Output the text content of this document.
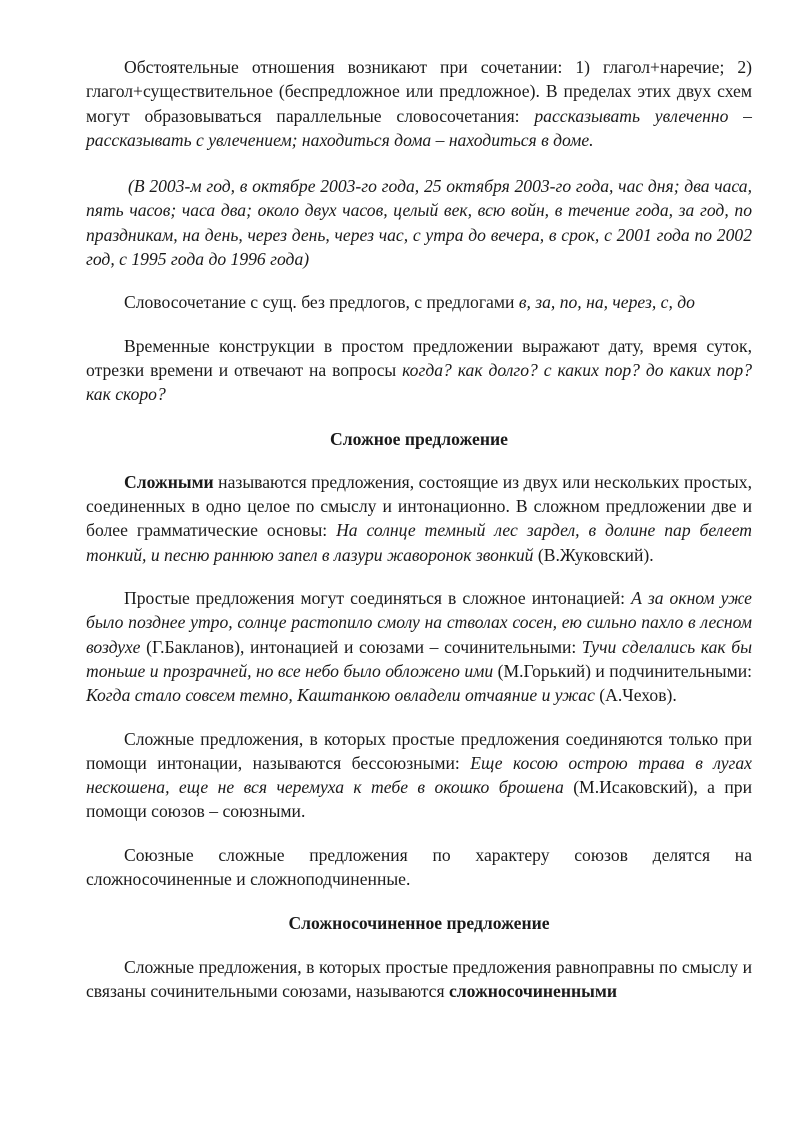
Обстоятельные отношения возникают при сочетании: 1) глагол+наречие; 2) глагол+существительное (беспредложное или предложное). В пределах этих двух схем могут образовываться параллельные словосочетания: рассказывать увлеченно – рассказывать с увлечением; находиться дома – находиться в доме.

(В 2003-м год, в октябре 2003-го года, 25 октября 2003-го года, час дня; два часа, пять часов; часа два; около двух часов, целый век, всю войн, в течение года, за год, по праздникам, на день, через день, через час, с утра до вечера, в срок, с 2001 года по 2002 год, с 1995 года до 1996 года)

Словосочетание с сущ. без предлогов, с предлогами в, за, по, на, через, с, до

Временные конструкции в простом предложении выражают дату, время суток, отрезки времени и отвечают на вопросы когда? как долго? с каких пор? до каких пор? как скоро?

Сложное предложение

Сложными называются предложения, состоящие из двух или нескольких простых, соединенных в одно целое по смыслу и интонационно. В сложном предложении две и более грамматические основы: На солнце темный лес зардел, в долине пар белеет тонкий, и песню раннюю запел в лазури жаворонок звонкий (В.Жуковский).

Простые предложения могут соединяться в сложное интонацией: А за окном уже было позднее утро, солнце растопило смолу на стволах сосен, ею сильно пахло в лесном воздухе (Г.Бакланов), интонацией и союзами – сочинительными: Тучи сделались как бы тоньше и прозрачней, но все небо было обложено ими (М.Горький) и подчинительными: Когда стало совсем темно, Каштанкою овладели отчаяние и ужас (А.Чехов).

Сложные предложения, в которых простые предложения соединяются только при помощи интонации, называются бессоюзными: Еще косою острою трава в лугах нескошена, еще не вся черемуха к тебе в окошко брошена (М.Исаковский), а при помощи союзов – союзными.

Союзные сложные предложения по характеру союзов делятся на сложносочиненные и сложноподчиненные.

Сложносочиненное предложение

Сложные предложения, в которых простые предложения равноправны по смыслу и связаны сочинительными союзами, называются сложносочиненными
